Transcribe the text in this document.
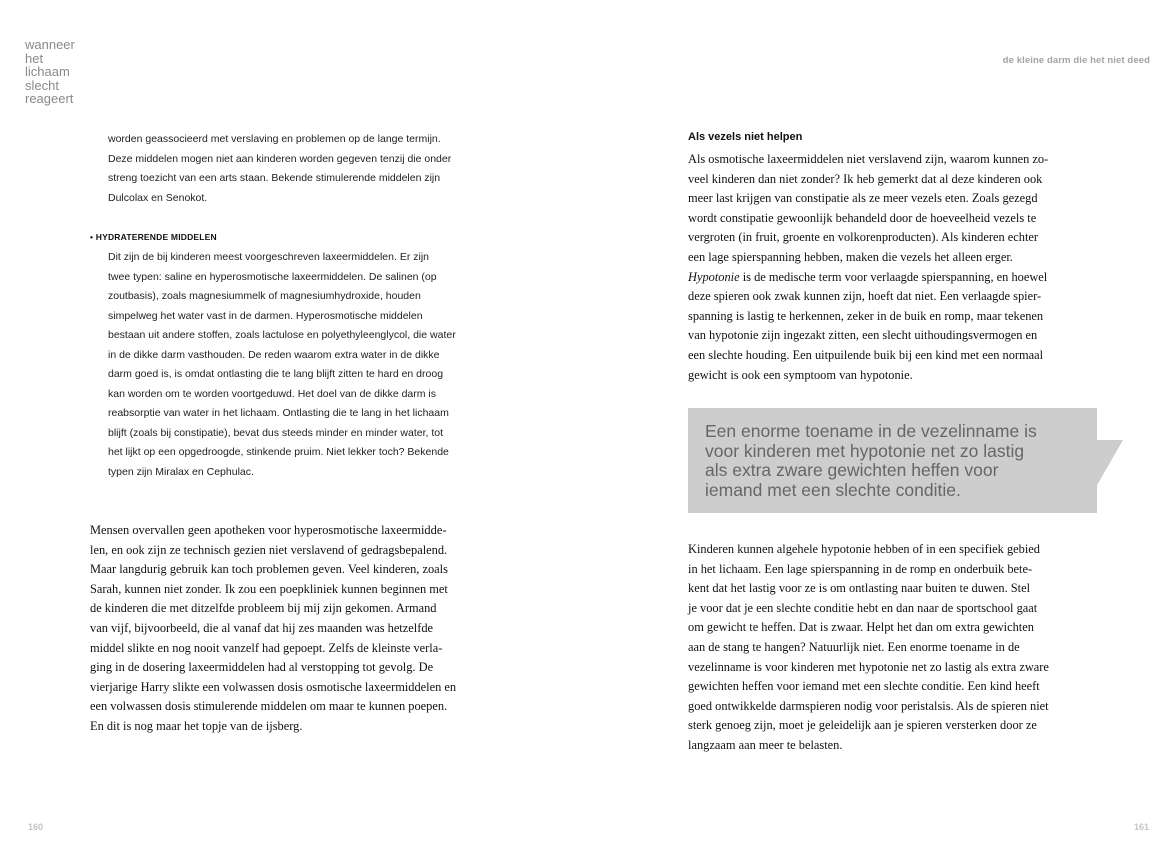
wanneer
het
lichaam
slecht
reageert

worden geassocieerd met verslaving en problemen op de lange termijn.

Deze middelen mogen niet aan kinderen worden gegeven tenzij die onder

streng toezicht van een arts staan. Bekende stimulerende middelen zijn

Dulcolax en Senokot.

• HYDRATERENDE MIDDELEN

Dit zijn de bij kinderen meest voorgeschreven laxeermiddelen. Er zijn

twee typen: saline en hyperosmotische laxeermiddelen. De salinen (op

zoutbasis), zoals magnesiummelk of magnesiumhydroxide, houden

simpelweg het water vast in de darmen. Hyperosmotische middelen

bestaan uit andere stoffen, zoals lactulose en polyethyleenglycol, die water

in de dikke darm vasthouden. De reden waarom extra water in de dikke

darm goed is, is omdat ontlasting die te lang blijft zitten te hard en droog

kan worden om te worden voortgeduwd. Het doel van de dikke darm is

reabsorptie van water in het lichaam. Ontlasting die te lang in het lichaam

blijft (zoals bij constipatie), bevat dus steeds minder en minder water, tot

het lijkt op een opgedroogde, stinkende pruim. Niet lekker toch? Bekende

typen zijn Miralax en Cephulac.

Mensen overvallen geen apotheken voor hyperosmotische laxeermidde-

len, en ook zijn ze technisch gezien niet verslavend of gedragsbepalend.

Maar langdurig gebruik kan toch problemen geven. Veel kinderen, zoals

Sarah, kunnen niet zonder. Ik zou een poepkliniek kunnen beginnen met

de kinderen die met ditzelfde probleem bij mij zijn gekomen. Armand

van vijf, bijvoorbeeld, die al vanaf dat hij zes maanden was hetzelfde

middel slikte en nog nooit vanzelf had gepoept. Zelfs de kleinste verla-

ging in de dosering laxeermiddelen had al verstopping tot gevolg. De

vierjarige Harry slikte een volwassen dosis osmotische laxeermiddelen en

een volwassen dosis stimulerende middelen om maar te kunnen poepen.

En dit is nog maar het topje van de ijsberg.

160
de kleine darm die het niet deed
Als vezels niet helpen

Als osmotische laxeermiddelen niet verslavend zijn, waarom kunnen zo-

veel kinderen dan niet zonder? Ik heb gemerkt dat al deze kinderen ook

meer last krijgen van constipatie als ze meer vezels eten. Zoals gezegd

wordt constipatie gewoonlijk behandeld door de hoeveelheid vezels te

vergroten (in fruit, groente en volkorenproducten). Als kinderen echter

een lage spierspanning hebben, maken die vezels het alleen erger.

Hypotonie is de medische term voor verlaagde spierspanning, en hoewel

deze spieren ook zwak kunnen zijn, hoeft dat niet. Een verlaagde spier-

spanning is lastig te herkennen, zeker in de buik en romp, maar tekenen

van hypotonie zijn ingezakt zitten, een slecht uithoudingsvermogen en

een slechte houding. Een uitpuilende buik bij een kind met een normaal

gewicht is ook een symptoom van hypotonie.

Een enorme toename in de vezelinname is
voor kinderen met hypotonie net zo lastig
als extra zware gewichten heffen voor
iemand met een slechte conditie.

Kinderen kunnen algehele hypotonie hebben of in een specifiek gebied

in het lichaam. Een lage spierspanning in de romp en onderbuik bete-

kent dat het lastig voor ze is om ontlasting naar buiten te duwen. Stel

je voor dat je een slechte conditie hebt en dan naar de sportschool gaat

om gewicht te heffen. Dat is zwaar. Helpt het dan om extra gewichten

aan de stang te hangen? Natuurlijk niet. Een enorme toename in de

vezelinname is voor kinderen met hypotonie net zo lastig als extra zware

gewichten heffen voor iemand met een slechte conditie. Een kind heeft

goed ontwikkelde darmspieren nodig voor peristalsis. Als de spieren niet

sterk genoeg zijn, moet je geleidelijk aan je spieren versterken door ze

langzaam aan meer te belasten.

161
